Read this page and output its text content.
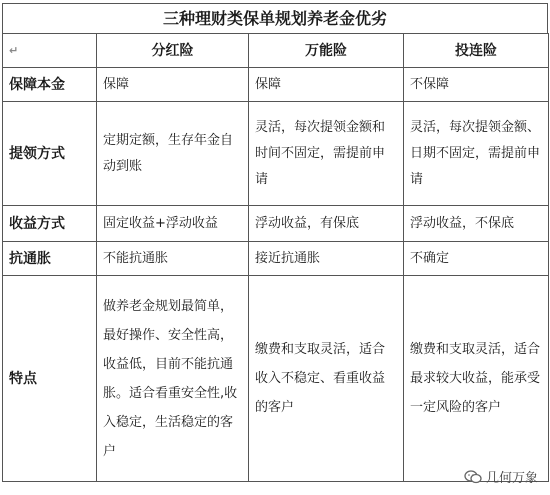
三种理财类保单规划养老金优劣
↵	分红险	万能险	投连险
保障本金	保障	保障	不保障
提领方式	定期定额，生存年金自动到账	灵活，每次提领金额和时间不固定，需提前申请	灵活，每次提领金额、日期不固定，需提前申请
收益方式	固定收益+浮动收益	浮动收益，有保底	浮动收益，不保底
抗通胀	不能抗通胀	接近抗通胀	不确定
特点	做养老金规划最简单，最好操作、安全性高，收益低，目前不能抗通胀。适合看重安全性,收入稳定，生活稳定的客户	缴费和支取灵活，适合收入不稳定、看重收益的客户	缴费和支取灵活，适合最求较大收益，能承受一定风险的客户
几何万象
